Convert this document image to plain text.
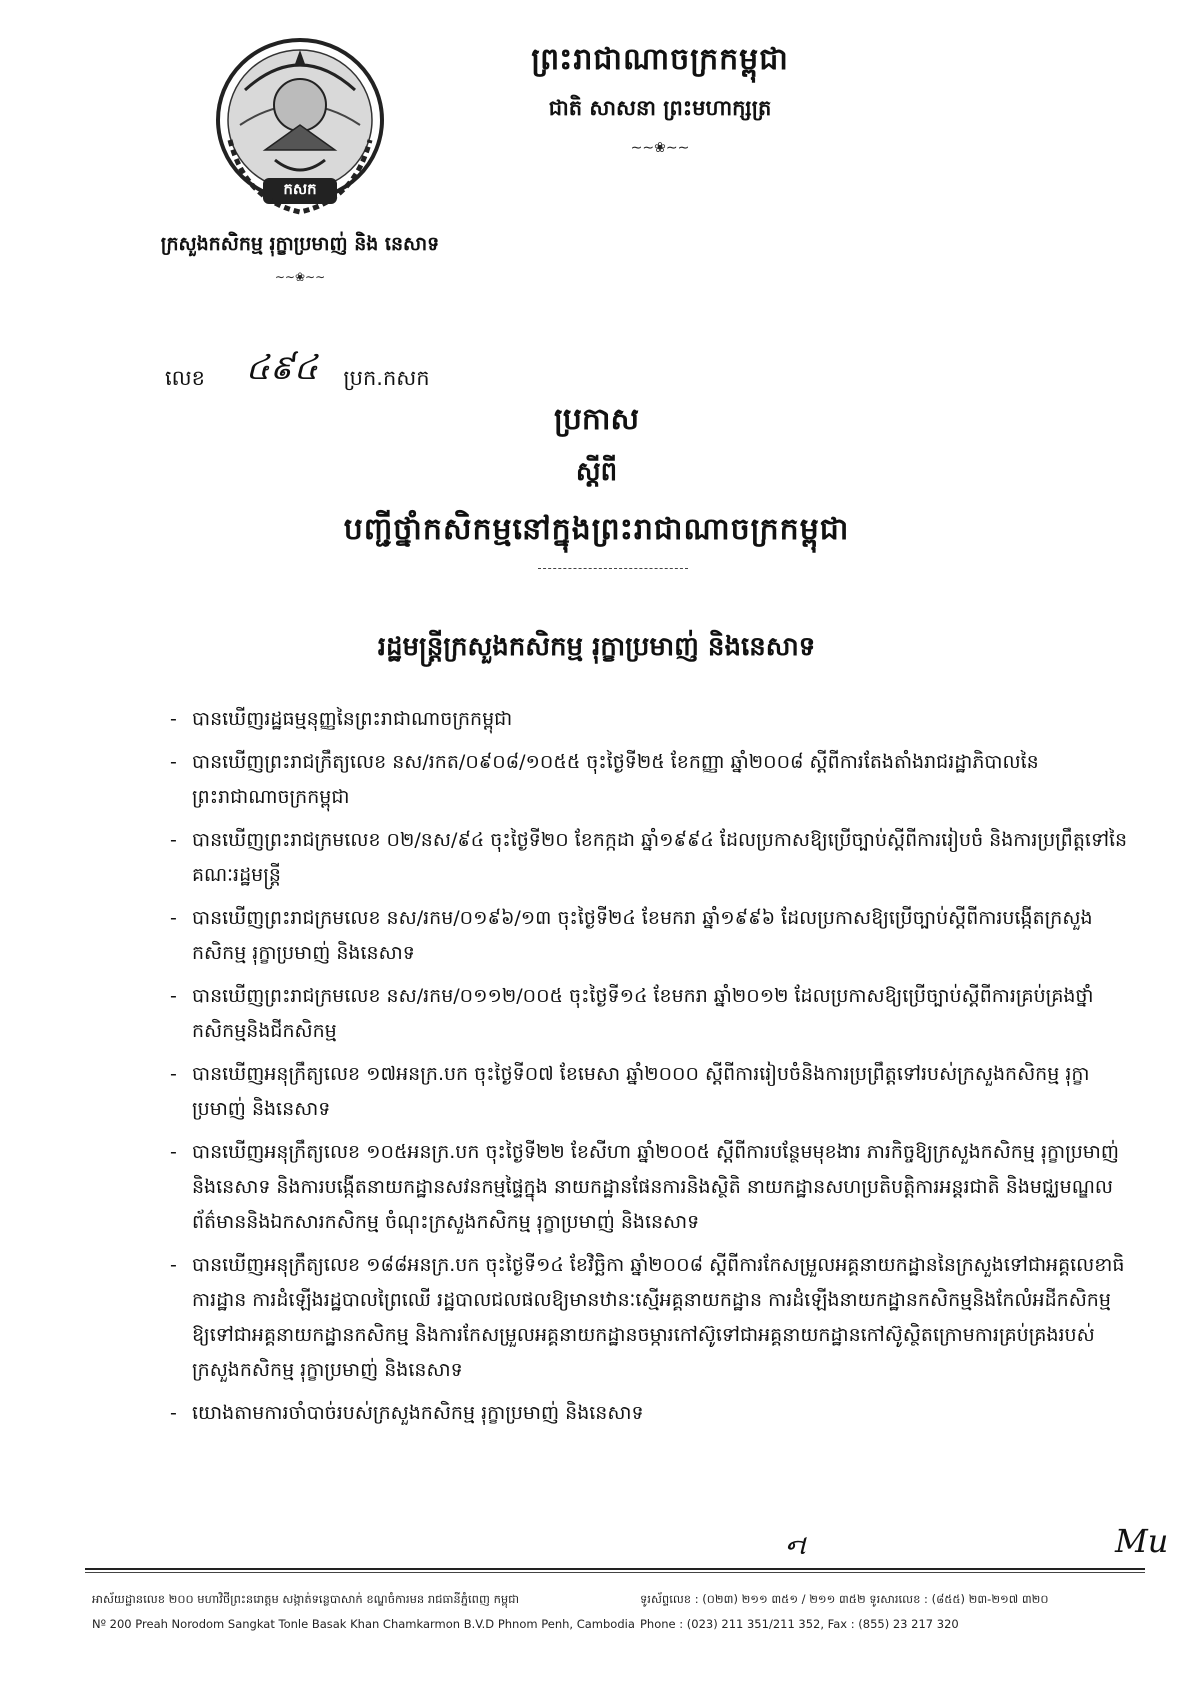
កសក
ព្រះរាជាណាចក្រកម្ពុជា
ជាតិ សាសនា ព្រះមហាក្សត្រ
∼∼❀∼∼
ក្រសួងកសិកម្ម រុក្ខាប្រមាញ់ និង នេសាទ
∼∼❀∼∼
លេខ ៤៩៤ ប្រក.កសក
ប្រកាស
ស្តីពី
បញ្ជីថ្នាំកសិកម្មនៅក្នុងព្រះរាជាណាចក្រកម្ពុជា
រដ្ឋមន្ត្រីក្រសួងកសិកម្ម រុក្ខាប្រមាញ់ និងនេសាទ
- បានឃើញរដ្ឋធម្មនុញ្ញនៃព្រះរាជាណាចក្រកម្ពុជា
- បានឃើញព្រះរាជក្រឹត្យលេខ នស/រកត/០៩០៨/១០៥៥ ចុះថ្ងៃទី២៥ ខែកញ្ញា ឆ្នាំ២០០៨ ស្តីពីការតែងតាំងរាជរដ្ឋាភិបាលនៃព្រះរាជាណាចក្រកម្ពុជា
- បានឃើញព្រះរាជក្រមលេខ ០២/នស/៩៤ ចុះថ្ងៃទី២០ ខែកក្កដា ឆ្នាំ១៩៩៤ ដែលប្រកាសឱ្យប្រើច្បាប់ស្តីពីការរៀបចំ និងការប្រព្រឹត្តទៅនៃគណៈរដ្ឋមន្ត្រី
- បានឃើញព្រះរាជក្រមលេខ នស/រកម/០១៩៦/១៣ ចុះថ្ងៃទី២៤ ខែមករា ឆ្នាំ១៩៩៦ ដែលប្រកាសឱ្យប្រើច្បាប់ស្តីពីការបង្កើតក្រសួងកសិកម្ម រុក្ខាប្រមាញ់ និងនេសាទ
- បានឃើញព្រះរាជក្រមលេខ នស/រកម/០១១២/០០៥ ចុះថ្ងៃទី១៤ ខែមករា ឆ្នាំ២០១២ ដែលប្រកាសឱ្យប្រើច្បាប់ស្តីពីការគ្រប់គ្រងថ្នាំកសិកម្មនិងជីកសិកម្ម
- បានឃើញអនុក្រឹត្យលេខ ១៧អនក្រ.បក ចុះថ្ងៃទី០៧ ខែមេសា ឆ្នាំ២០០០ ស្តីពីការរៀបចំនិងការប្រព្រឹត្តទៅរបស់ក្រសួងកសិកម្ម រុក្ខាប្រមាញ់ និងនេសាទ
- បានឃើញអនុក្រឹត្យលេខ ១០៥អនក្រ.បក ចុះថ្ងៃទី២២ ខែសីហា ឆ្នាំ២០០៥ ស្តីពីការបន្ថែមមុខងារ ភារកិច្ចឱ្យក្រសួងកសិកម្ម រុក្ខាប្រមាញ់ និងនេសាទ និងការបង្កើតនាយកដ្ឋានសវនកម្មផ្ទៃក្នុង នាយកដ្ឋានផែនការនិងស្ថិតិ នាយកដ្ឋានសហប្រតិបត្តិការអន្តរជាតិ និងមជ្ឈមណ្ឌលព័ត៌មាននិងឯកសារកសិកម្ម ចំណុះក្រសួងកសិកម្ម រុក្ខាប្រមាញ់ និងនេសាទ
- បានឃើញអនុក្រឹត្យលេខ ១៨៨អនក្រ.បក ចុះថ្ងៃទី១៤ ខែវិច្ឆិកា ឆ្នាំ២០០៨ ស្តីពីការកែសម្រួលអគ្គនាយកដ្ឋាននៃក្រសួងទៅជាអគ្គលេខាធិការដ្ឋាន ការដំឡើងរដ្ឋបាលព្រៃឈើ រដ្ឋបាលជលផលឱ្យមានឋានៈស្មើអគ្គនាយកដ្ឋាន ការដំឡើងនាយកដ្ឋានកសិកម្មនិងកែលំអដីកសិកម្មឱ្យទៅជាអគ្គនាយកដ្ឋានកសិកម្ម និងការកែសម្រួលអគ្គនាយកដ្ឋានចម្ការកៅស៊ូទៅជាអគ្គនាយកដ្ឋានកៅស៊ូស្ថិតក្រោមការគ្រប់គ្រងរបស់ក្រសួងកសិកម្ម រុក្ខាប្រមាញ់ និងនេសាទ
- យោងតាមការចាំបាច់របស់ក្រសួងកសិកម្ម រុក្ខាប្រមាញ់ និងនេសាទ
ન	Mu
អាស័យដ្ឋានលេខ ២០០ មហាវិថីព្រះនរោត្តម សង្កាត់ទន្លេបាសាក់ ខណ្ឌចំការមន រាជធានីភ្នំពេញ កម្ពុជា
Nº 200 Preah Norodom Sangkat Tonle Basak Khan Chamkarmon B.V.D Phnom Penh, Cambodia
ទូរស័ព្ទលេខ : (០២៣) ២១១ ៣៥១ / ២១១ ៣៥២ ទូរសារលេខ : (៨៥៥) ២៣-២១៧ ៣២០
Phone : (023) 211 351/211 352, Fax : (855) 23 217 320
